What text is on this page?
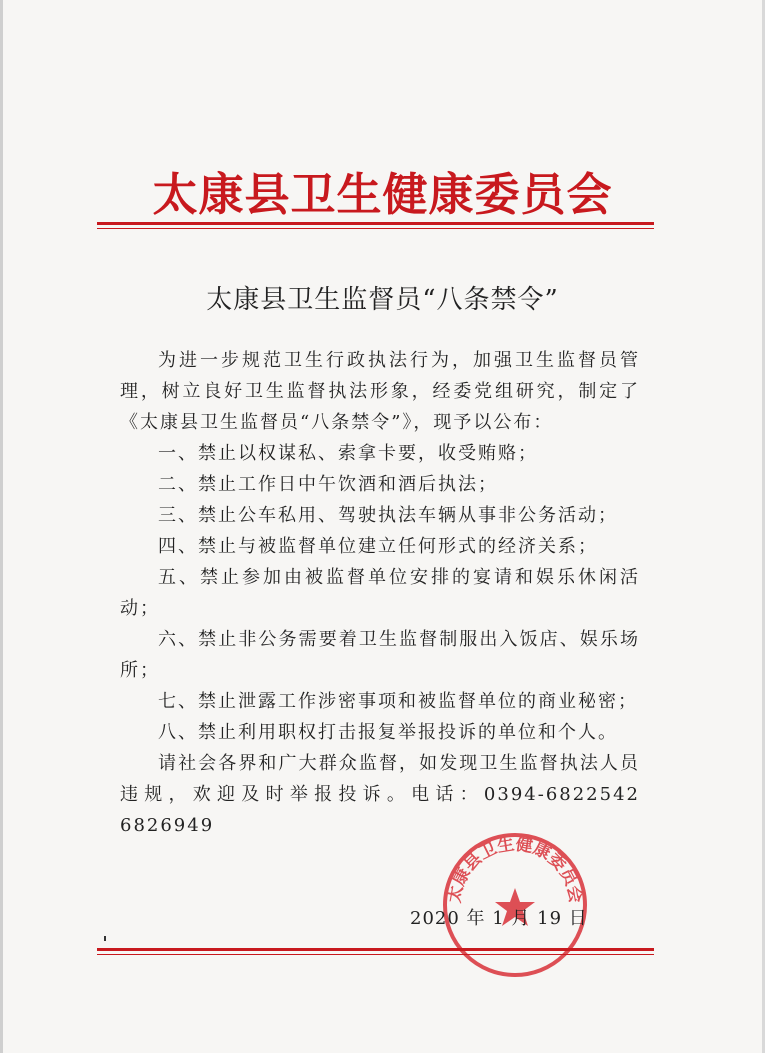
太康县卫生健康委员会
太康县卫生监督员“八条禁令”

为进一步规范卫生行政执法行为，加强卫生监督员管理，树立良好卫生监督执法形象，经委党组研究，制定了《太康县卫生监督员“八条禁令”》，现予以公布：

一、禁止以权谋私、索拿卡要，收受贿赂；

二、禁止工作日中午饮酒和酒后执法；

三、禁止公车私用、驾驶执法车辆从事非公务活动；

四、禁止与被监督单位建立任何形式的经济关系；

五、禁止参加由被监督单位安排的宴请和娱乐休闲活动；

六、禁止非公务需要着卫生监督制服出入饭店、娱乐场所；

七、禁止泄露工作涉密事项和被监督单位的商业秘密；

八、禁止利用职权打击报复举报投诉的单位和个人。

请社会各界和广大群众监督，如发现卫生监督执法人员违规，欢迎及时举报投诉。电话：0394-6822542 6826949

太康县卫生健康委员会
2020 年 1 月 19 日
